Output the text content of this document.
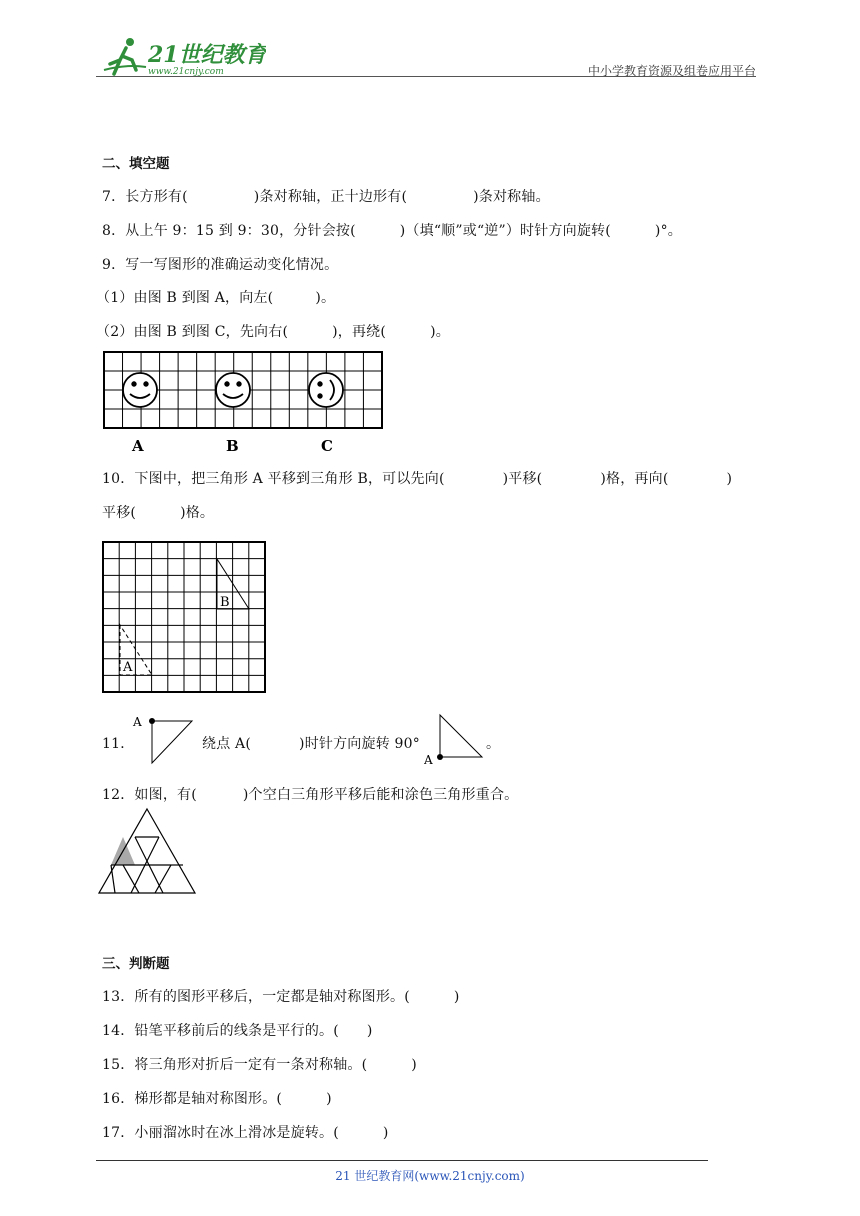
21世纪教育
www.21cnjy.com	中小学教育资源及组卷应用平台
二、填空题
7．长方形有(	)条对称轴，正十边形有(	)条对称轴。
8．从上午 9：15 到 9：30，分针会按(	)（填“顺”或“逆”）时针方向旋转(	)°。
9．写一写图形的准确运动变化情况。
（1）由图 B 到图 A，向左(	)。
（2）由图 B 到图 C，先向右(	)，再绕(	)。
A	B	C
10．下图中，把三角形 A 平移到三角形 B，可以先向(	)平移(	)格，再向(	)
平移(	)格。
B
A
11．
A
绕点 A(	)时针方向旋转 90°
A
。
12．如图，有(	)个空白三角形平移后能和涂色三角形重合。
三、判断题
13．所有的图形平移后，一定都是轴对称图形。(	)
14．铅笔平移前后的线条是平行的。( )
15．将三角形对折后一定有一条对称轴。(	)
16．梯形都是轴对称图形。(	)
17．小丽溜冰时在冰上滑冰是旋转。(	)
21 世纪教育网(www.21cnjy.com)
